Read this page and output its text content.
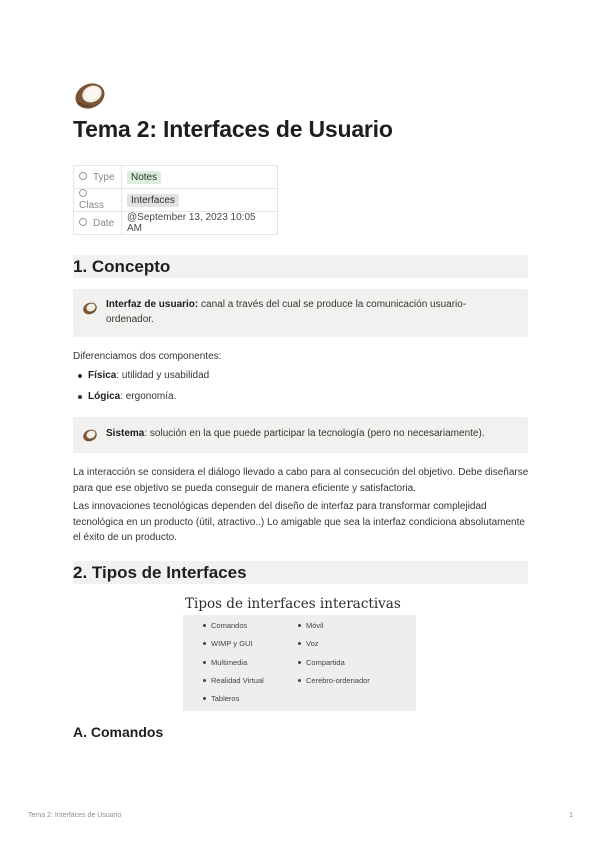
Tema 2: Interfaces de Usuario
Type	Notes
Class	Interfaces
Date	@September 13, 2023 10:05 AM
1. Concepto
Interfaz de usuario: canal a través del cual se produce la comunicación usuario-ordenador.

Diferenciamos dos componentes:

Física: utilidad y usabilidad
Lógica: ergonomía.
Sistema: solución en la que puede participar la tecnología (pero no necesariamente).

La interacción se considera el diálogo llevado a cabo para al consecución del objetivo. Debe diseñarse para que ese objetivo se pueda conseguir de manera eficiente y satisfactoria.

Las innovaciones tecnológicas dependen del diseño de interfaz para transformar complejidad tecnológica en un producto (útil, atractivo..) Lo amigable que sea la interfaz condiciona absolutamente el éxito de un producto.

2. Tipos de Interfaces

Tipos de interfaces interactivas

Comandos
WIMP y GUI
Multimedia
Realidad Virtual
Tableros
Móvil
Voz
Compartida
Cerebro-ordenador
A. Comandos
Tema 2: Interfaces de Usuario	1
